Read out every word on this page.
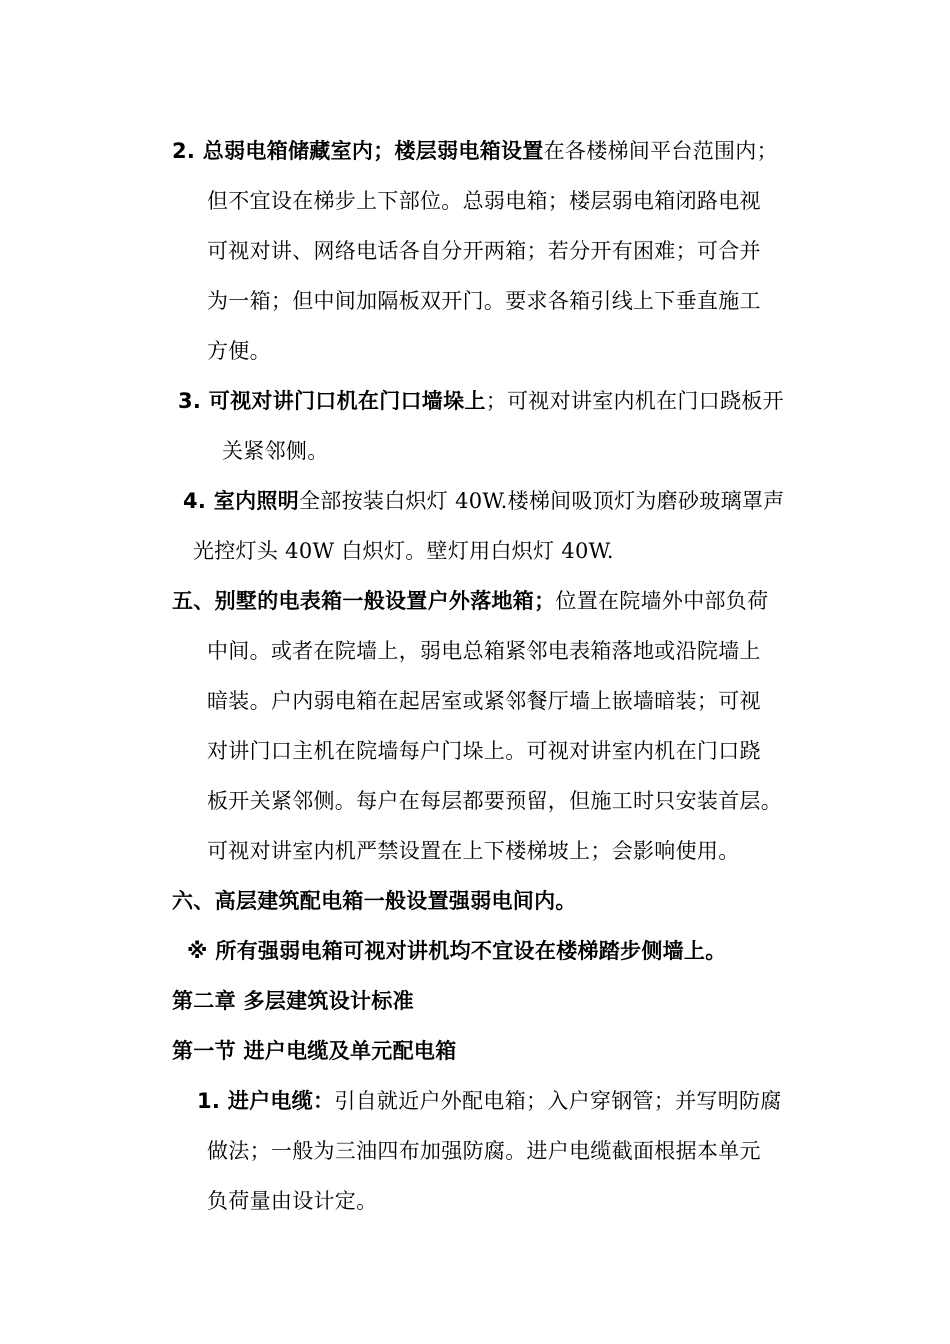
2. 总弱电箱储藏室内；楼层弱电箱设置在各楼梯间平台范围内；
但不宜设在梯步上下部位。总弱电箱；楼层弱电箱闭路电视
可视对讲、网络电话各自分开两箱；若分开有困难；可合并
为一箱；但中间加隔板双开门。要求各箱引线上下垂直施工
方便。
3. 可视对讲门口机在门口墙垛上；可视对讲室内机在门口跷板开
关紧邻侧。
4. 室内照明全部按装白炽灯 40W.楼梯间吸顶灯为磨砂玻璃罩声
光控灯头 40W 白炽灯。壁灯用白炽灯 40W.
五、别墅的电表箱一般设置户外落地箱；位置在院墙外中部负荷
中间。或者在院墙上，弱电总箱紧邻电表箱落地或沿院墙上
暗装。户内弱电箱在起居室或紧邻餐厅墙上嵌墙暗装；可视
对讲门口主机在院墙每户门垛上。可视对讲室内机在门口跷
板开关紧邻侧。每户在每层都要预留，但施工时只安装首层。
可视对讲室内机严禁设置在上下楼梯坡上；会影响使用。
六、高层建筑配电箱一般设置强弱电间内。
※ 所有强弱电箱可视对讲机均不宜设在楼梯踏步侧墙上。
第二章 多层建筑设计标准
第一节 进户电缆及单元配电箱
1. 进户电缆：引自就近户外配电箱；入户穿钢管；并写明防腐
做法；一般为三油四布加强防腐。进户电缆截面根据本单元
负荷量由设计定。
